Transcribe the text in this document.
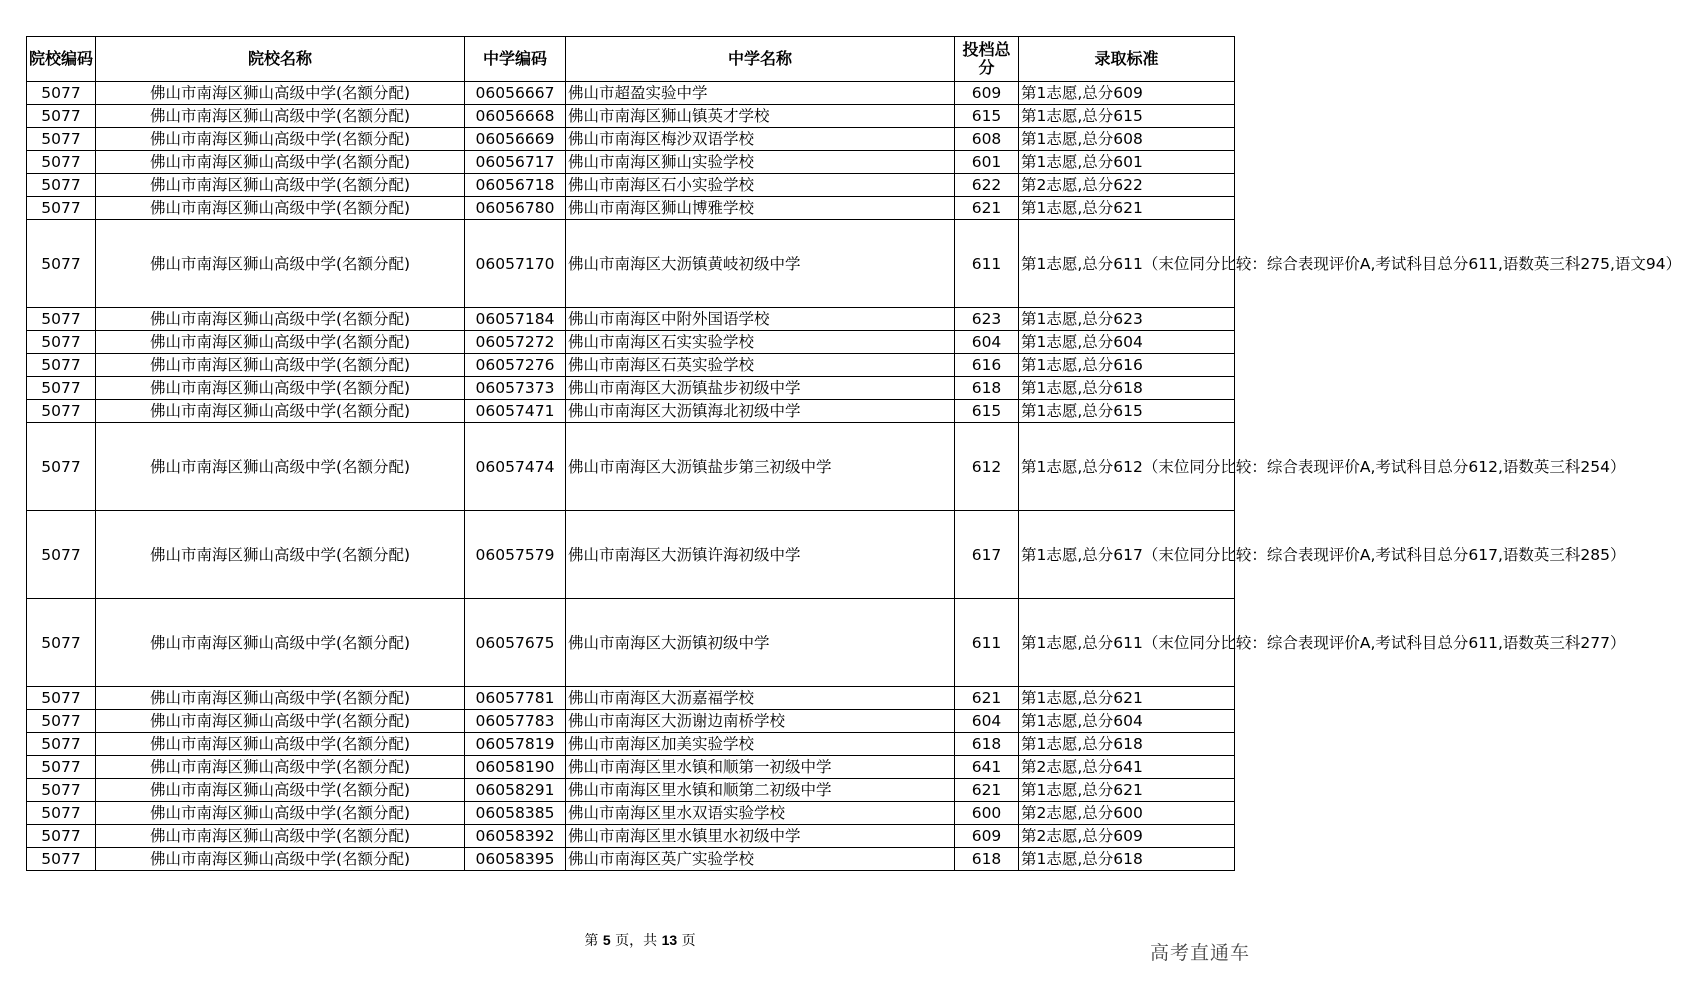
院校编码	院校名称	中学编码	中学名称	投档总分	录取标准
5077	佛山市南海区狮山高级中学(名额分配)	06056667	佛山市超盈实验中学	609	第1志愿,总分609
5077	佛山市南海区狮山高级中学(名额分配)	06056668	佛山市南海区狮山镇英才学校	615	第1志愿,总分615
5077	佛山市南海区狮山高级中学(名额分配)	06056669	佛山市南海区梅沙双语学校	608	第1志愿,总分608
5077	佛山市南海区狮山高级中学(名额分配)	06056717	佛山市南海区狮山实验学校	601	第1志愿,总分601
5077	佛山市南海区狮山高级中学(名额分配)	06056718	佛山市南海区石小实验学校	622	第2志愿,总分622
5077	佛山市南海区狮山高级中学(名额分配)	06056780	佛山市南海区狮山博雅学校	621	第1志愿,总分621
5077	佛山市南海区狮山高级中学(名额分配)	06057170	佛山市南海区大沥镇黄岐初级中学	611	第1志愿,总分611（末位同分比较：综合表现评价A,考试科目总分611,语数英三科275,语文94）
5077	佛山市南海区狮山高级中学(名额分配)	06057184	佛山市南海区中附外国语学校	623	第1志愿,总分623
5077	佛山市南海区狮山高级中学(名额分配)	06057272	佛山市南海区石实实验学校	604	第1志愿,总分604
5077	佛山市南海区狮山高级中学(名额分配)	06057276	佛山市南海区石英实验学校	616	第1志愿,总分616
5077	佛山市南海区狮山高级中学(名额分配)	06057373	佛山市南海区大沥镇盐步初级中学	618	第1志愿,总分618
5077	佛山市南海区狮山高级中学(名额分配)	06057471	佛山市南海区大沥镇海北初级中学	615	第1志愿,总分615
5077	佛山市南海区狮山高级中学(名额分配)	06057474	佛山市南海区大沥镇盐步第三初级中学	612	第1志愿,总分612（末位同分比较：综合表现评价A,考试科目总分612,语数英三科254）
5077	佛山市南海区狮山高级中学(名额分配)	06057579	佛山市南海区大沥镇许海初级中学	617	第1志愿,总分617（末位同分比较：综合表现评价A,考试科目总分617,语数英三科285）
5077	佛山市南海区狮山高级中学(名额分配)	06057675	佛山市南海区大沥镇初级中学	611	第1志愿,总分611（末位同分比较：综合表现评价A,考试科目总分611,语数英三科277）
5077	佛山市南海区狮山高级中学(名额分配)	06057781	佛山市南海区大沥嘉福学校	621	第1志愿,总分621
5077	佛山市南海区狮山高级中学(名额分配)	06057783	佛山市南海区大沥谢边南桥学校	604	第1志愿,总分604
5077	佛山市南海区狮山高级中学(名额分配)	06057819	佛山市南海区加美实验学校	618	第1志愿,总分618
5077	佛山市南海区狮山高级中学(名额分配)	06058190	佛山市南海区里水镇和顺第一初级中学	641	第2志愿,总分641
5077	佛山市南海区狮山高级中学(名额分配)	06058291	佛山市南海区里水镇和顺第二初级中学	621	第1志愿,总分621
5077	佛山市南海区狮山高级中学(名额分配)	06058385	佛山市南海区里水双语实验学校	600	第2志愿,总分600
5077	佛山市南海区狮山高级中学(名额分配)	06058392	佛山市南海区里水镇里水初级中学	609	第2志愿,总分609
5077	佛山市南海区狮山高级中学(名额分配)	06058395	佛山市南海区英广实验学校	618	第1志愿,总分618
第 5 页，共 13 页
高考直通车
